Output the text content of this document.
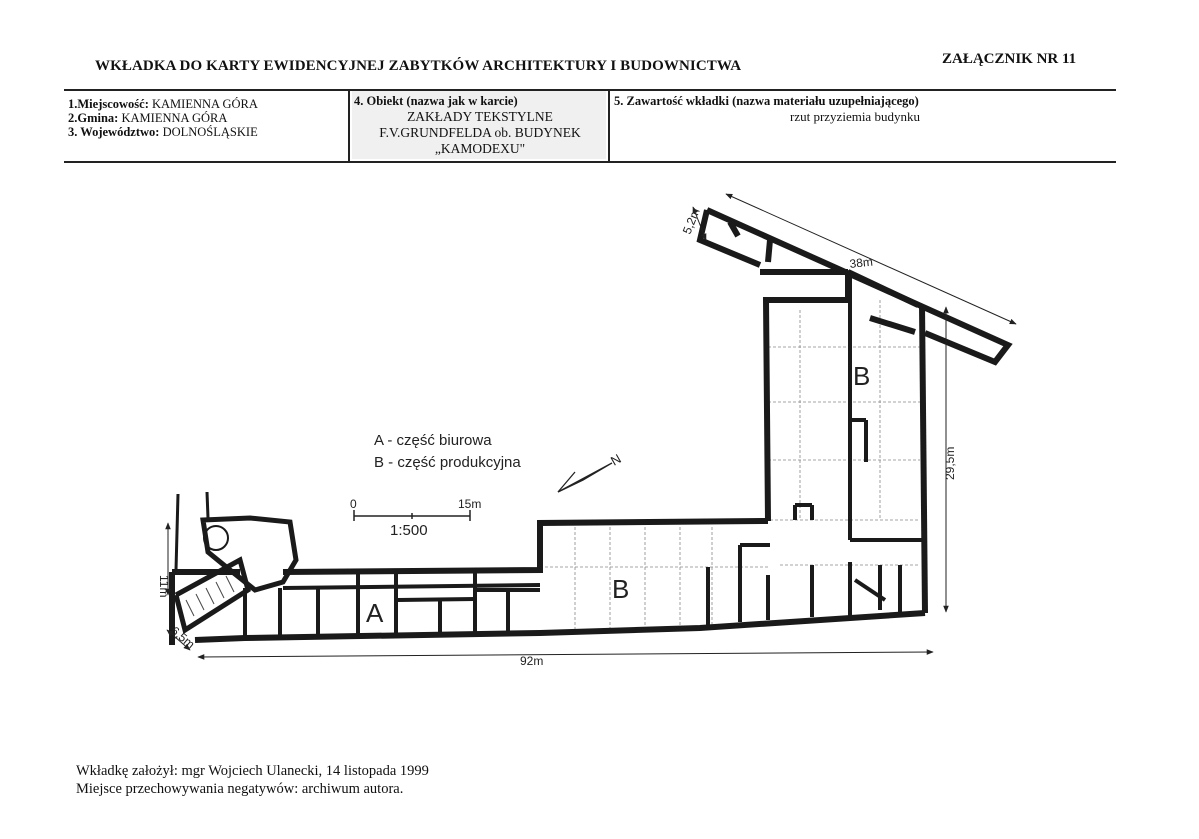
WKŁADKA DO KARTY EWIDENCYJNEJ ZABYTKÓW ARCHITEKTURY I BUDOWNICTWA	ZAŁĄCZNIK NR 11
1.Miejscowość: KAMIENNA GÓRA
2.Gmina: KAMIENNA GÓRA
3. Województwo: DOLNOŚLĄSKIE
4. Obiekt (nazwa jak w karcie)
ZAKŁADY TEKSTYLNE
F.V.GRUNDFELDA ob. BUDYNEK
„KAMODEXU"
5. Zawartość wkładki (nazwa materiału uzupełniającego)
rzut przyziemia budynku
A
B
B
A - część biurowa
B - część produkcyjna	N
0	15m
1:500
92m
38m
29,5m
11m
5,2m
6,5m
Wkładkę założył: mgr Wojciech Ulanecki, 14 listopada 1999
Miejsce przechowywania negatywów: archiwum autora.
